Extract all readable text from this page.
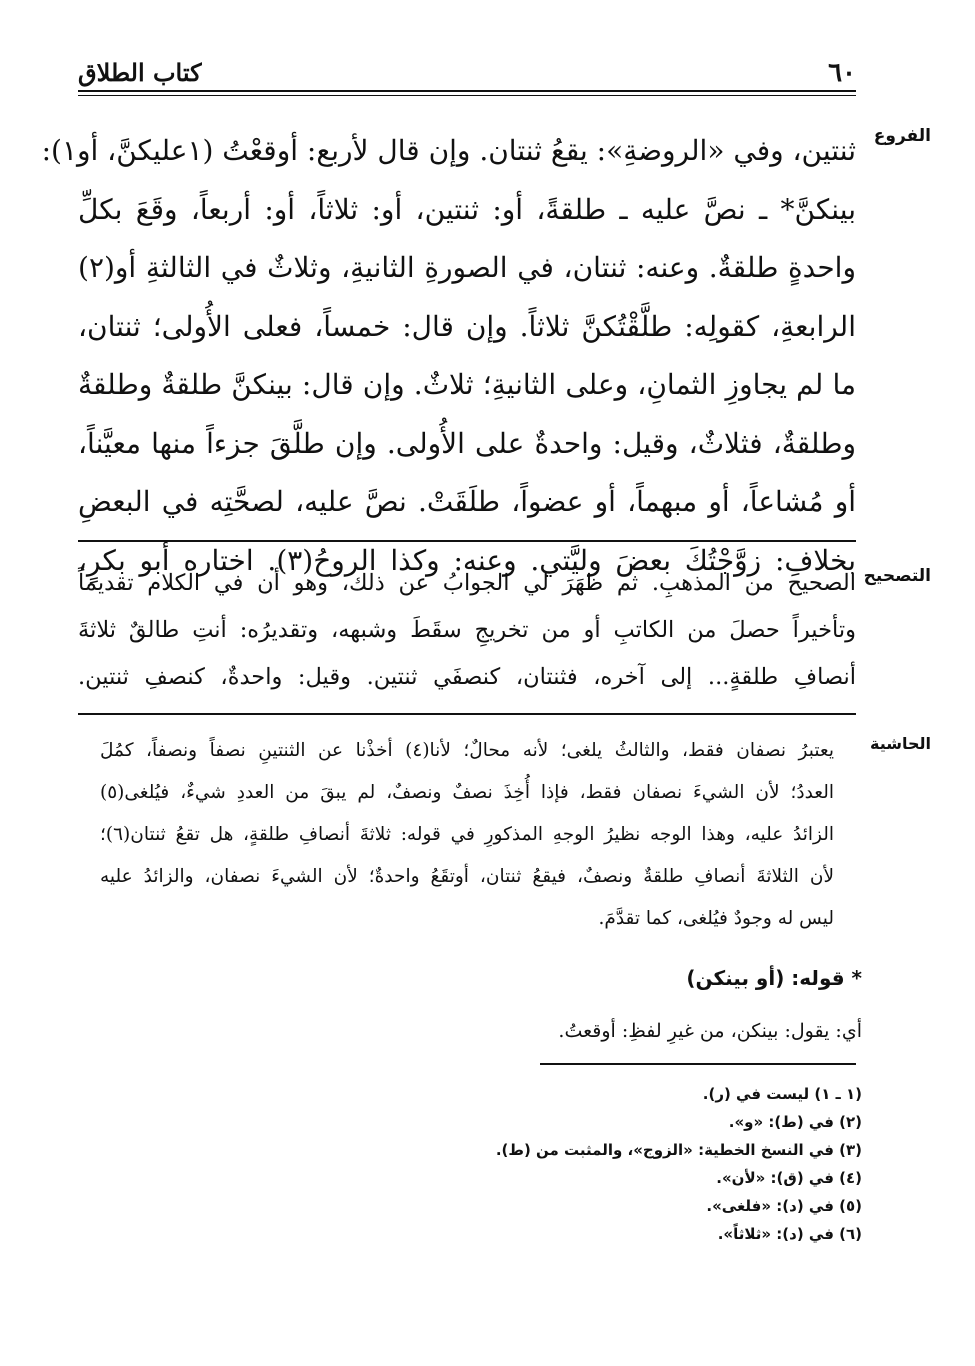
٦٠
كتاب الطلاق
الفروع
ثنتين، وفي «الروضةِ»: يقعُ ثنتان. وإن قال لأربع: أوقعْتُ (١عليكنَّ، أو١):
بينكنَّ* ـ نصَّ عليه ـ طلقةً، أو: ثنتين، أو: ثلاثاً، أو: أربعاً، وقَعَ بكلِّ
واحدةٍ طلقةٌ. وعنه: ثنتان، في الصورةِ الثانيةِ، وثلاثٌ في الثالثةِ أو(٢)
الرابعةِ، كقولِه: طلَّقْتُكنَّ ثلاثاً. وإن قال: خمساً، فعلى الأُولى؛ ثنتان،
ما لم يجاوزِ الثمانِ، وعلى الثانيةِ؛ ثلاثٌ. وإن قال: بينكنَّ طلقةٌ وطلقةٌ
وطلقةٌ، فثلاثٌ، وقيل: واحدةٌ على الأُولى. وإن طلَّقَ جزءاً منها معيَّناً،
أو مُشاعاً، أو مبهماً، أو عضواً، طلَقَتْ. نصَّ عليه، لصحَّتِه في البعضِ
بخلافِ: زوَّجْتُكَ بعضَ وليَّتي. وعنه: وكذا الروحُ(٣). اختاره أبو بكرٍ، التصحيح
الصحيح من المذهبِ. ثم ظهَرَ لي الجوابُ عن ذلك، وهو أن في الكلام تقديماً
وتأخيراً حصلَ من الكاتبِ أو من تخريجِ سقَطَ وشبهه، وتقديرُه: أنتِ طالقٌ ثلاثةَ
أنصافِ طلقةٍ... إلى آخره، فثنتان، كنصفَي ثنتين. وقيل: واحدةٌ، كنصفِ ثنتين.
الحاشية
يعتبرُ نصفان فقط، والثالثُ يلغى؛ لأنه محالٌ؛ لأنا(٤) أخذْنا عن الثنتينِ نصفاً ونصفاً، كمُلَ
العددُ؛ لأن الشيءَ نصفان فقط، فإذا أُخِذَ نصفٌ ونصفٌ، لم يبقَ من العددِ شيءٌ، فيُلغى(٥)
الزائدُ عليه، وهذا الوجه نظيرُ الوجهِ المذكورِ في قوله: ثلاثةَ أنصافِ طلقةٍ، هل تقعُ ثنتان(٦)؛
لأن الثلاثةَ أنصافِ طلقةٌ ونصفٌ، فيقعُ ثنتان، أوتقَعُ واحدةٌ؛ لأن الشيءَ نصفان، والزائدُ عليه
ليس له وجودٌ فيُلغى، كما تقدَّمَ.
* قوله: (أو بينكن)
أي: يقول: بينكن، من غيرِ لفظِ: أوقعتُ.
(١ ـ ١) ليست في (ر).
(٢) في (ط): «و».
(٣) في النسخ الخطية: «الزوج»، والمثبت من (ط).
(٤) في (ق): «لأن».
(٥) في (د): «فلغى».
(٦) في (د): «ثلاثاً».
